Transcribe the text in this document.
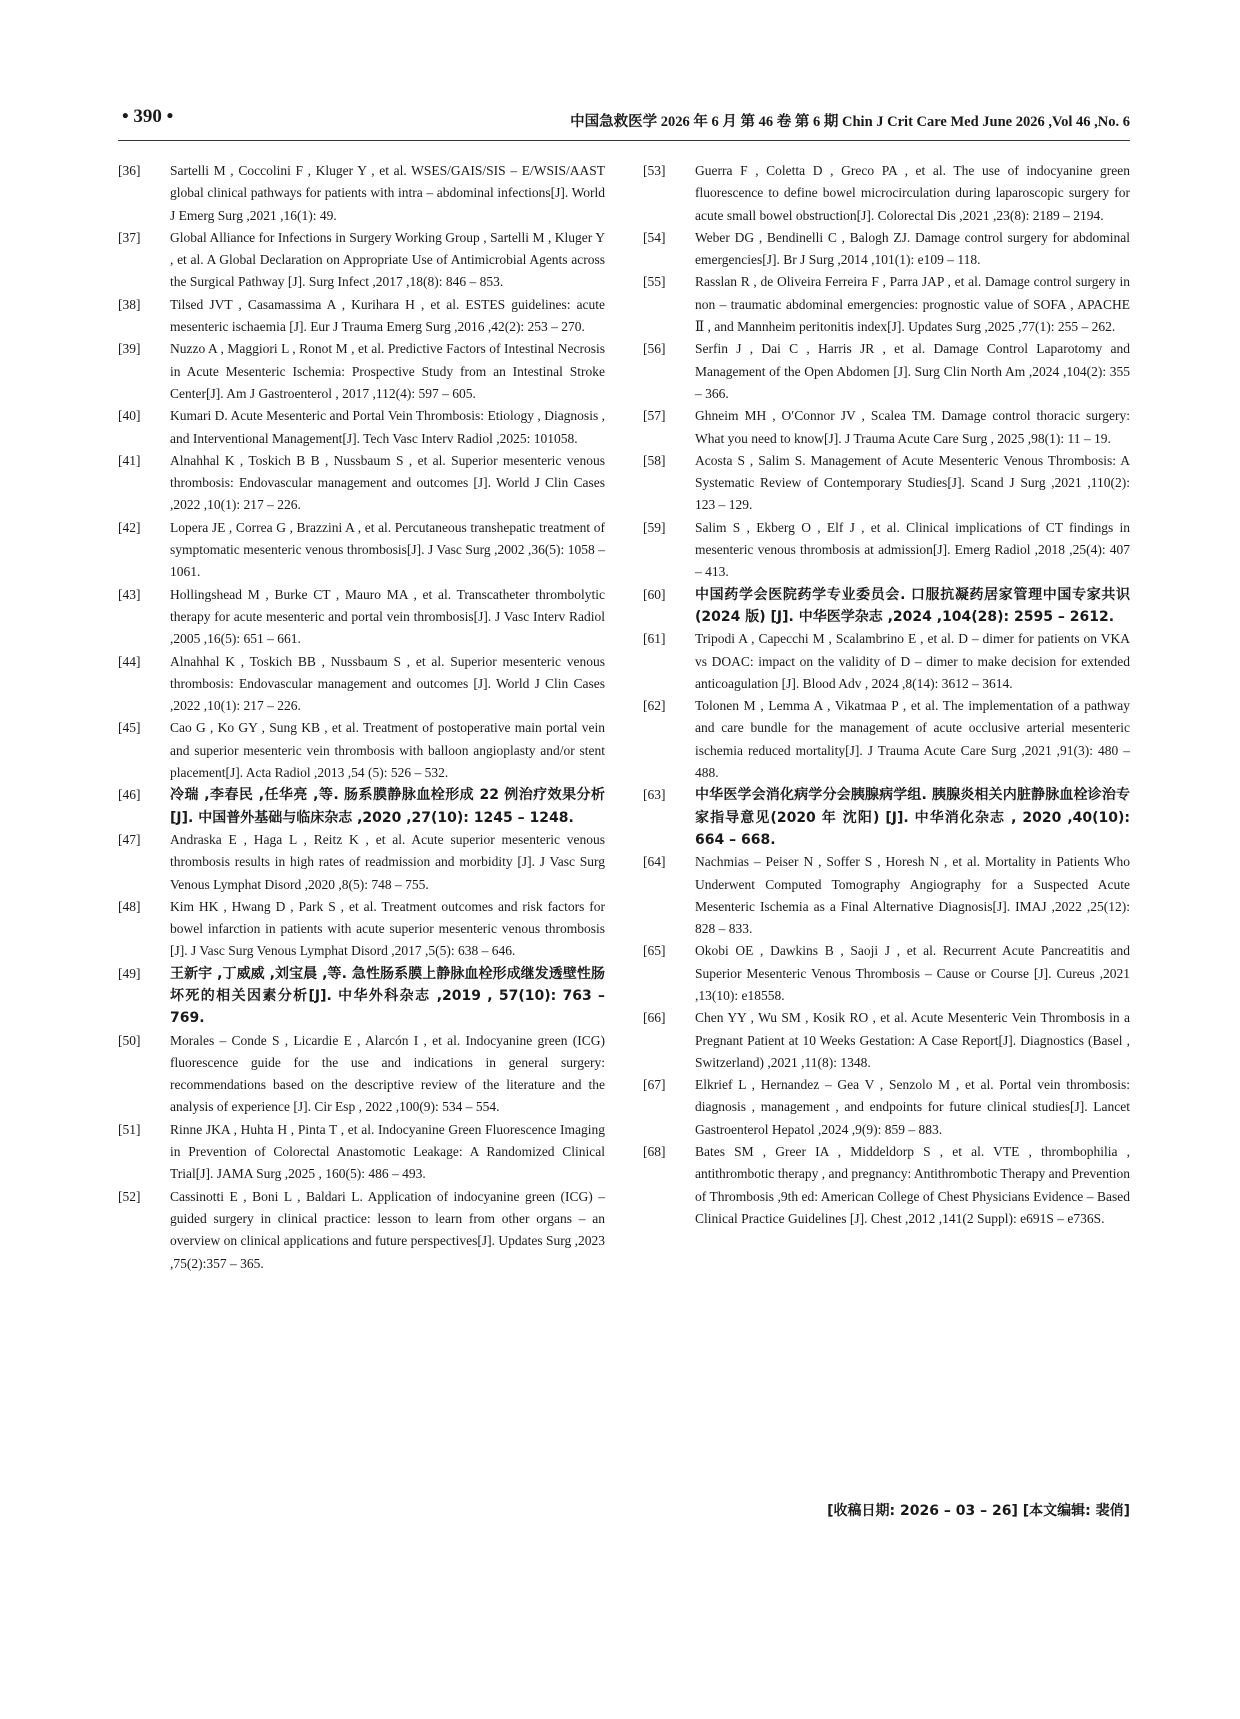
• 390 •	中国急救医学 2026 年 6 月 第 46 卷 第 6 期 Chin J Crit Care Med June 2026 ,Vol 46 ,No. 6
[36]	Sartelli M , Coccolini F , Kluger Y , et al. WSES/GAIS/SIS – E/WSIS/AAST global clinical pathways for patients with intra – abdominal infections[J]. World J Emerg Surg ,2021 ,16(1): 49.
[37]	Global Alliance for Infections in Surgery Working Group , Sartelli M , Kluger Y , et al. A Global Declaration on Appropriate Use of Antimicrobial Agents across the Surgical Pathway [J]. Surg Infect ,2017 ,18(8): 846 – 853.
[38]	Tilsed JVT , Casamassima A , Kurihara H , et al. ESTES guidelines: acute mesenteric ischaemia [J]. Eur J Trauma Emerg Surg ,2016 ,42(2): 253 – 270.
[39]	Nuzzo A , Maggiori L , Ronot M , et al. Predictive Factors of Intestinal Necrosis in Acute Mesenteric Ischemia: Prospective Study from an Intestinal Stroke Center[J]. Am J Gastroenterol , 2017 ,112(4): 597 – 605.
[40]	Kumari D. Acute Mesenteric and Portal Vein Thrombosis: Etiology , Diagnosis , and Interventional Management[J]. Tech Vasc Interv Radiol ,2025: 101058.
[41]	Alnahhal K , Toskich B B , Nussbaum S , et al. Superior mesenteric venous thrombosis: Endovascular management and outcomes [J]. World J Clin Cases ,2022 ,10(1): 217 – 226.
[42]	Lopera JE , Correa G , Brazzini A , et al. Percutaneous transhepatic treatment of symptomatic mesenteric venous thrombosis[J]. J Vasc Surg ,2002 ,36(5): 1058 – 1061.
[43]	Hollingshead M , Burke CT , Mauro MA , et al. Transcatheter thrombolytic therapy for acute mesenteric and portal vein thrombosis[J]. J Vasc Interv Radiol ,2005 ,16(5): 651 – 661.
[44]	Alnahhal K , Toskich BB , Nussbaum S , et al. Superior mesenteric venous thrombosis: Endovascular management and outcomes [J]. World J Clin Cases ,2022 ,10(1): 217 – 226.
[45]	Cao G , Ko GY , Sung KB , et al. Treatment of postoperative main portal vein and superior mesenteric vein thrombosis with balloon angioplasty and/or stent placement[J]. Acta Radiol ,2013 ,54 (5): 526 – 532.
[46]	冷瑞 ,李春民 ,任华亮 ,等. 肠系膜静脉血栓形成 22 例治疗效果分析[J]. 中国普外基础与临床杂志 ,2020 ,27(10): 1245 – 1248.
[47]	Andraska E , Haga L , Reitz K , et al. Acute superior mesenteric venous thrombosis results in high rates of readmission and morbidity [J]. J Vasc Surg Venous Lymphat Disord ,2020 ,8(5): 748 – 755.
[48]	Kim HK , Hwang D , Park S , et al. Treatment outcomes and risk factors for bowel infarction in patients with acute superior mesenteric venous thrombosis [J]. J Vasc Surg Venous Lymphat Disord ,2017 ,5(5): 638 – 646.
[49]	王新宇 ,丁威威 ,刘宝晨 ,等. 急性肠系膜上静脉血栓形成继发透壁性肠坏死的相关因素分析[J]. 中华外科杂志 ,2019 , 57(10): 763 – 769.
[50]	Morales – Conde S , Licardie E , Alarcón I , et al. Indocyanine green (ICG) fluorescence guide for the use and indications in general surgery: recommendations based on the descriptive review of the literature and the analysis of experience [J]. Cir Esp , 2022 ,100(9): 534 – 554.
[51]	Rinne JKA , Huhta H , Pinta T , et al. Indocyanine Green Fluorescence Imaging in Prevention of Colorectal Anastomotic Leakage: A Randomized Clinical Trial[J]. JAMA Surg ,2025 , 160(5): 486 – 493.
[52]	Cassinotti E , Boni L , Baldari L. Application of indocyanine green (ICG) – guided surgery in clinical practice: lesson to learn from other organs – an overview on clinical applications and future perspectives[J]. Updates Surg ,2023 ,75(2):357 – 365.
[53]	Guerra F , Coletta D , Greco PA , et al. The use of indocyanine green fluorescence to define bowel microcirculation during laparoscopic surgery for acute small bowel obstruction[J]. Colorectal Dis ,2021 ,23(8): 2189 – 2194.
[54]	Weber DG , Bendinelli C , Balogh ZJ. Damage control surgery for abdominal emergencies[J]. Br J Surg ,2014 ,101(1): e109 – 118.
[55]	Rasslan R , de Oliveira Ferreira F , Parra JAP , et al. Damage control surgery in non – traumatic abdominal emergencies: prognostic value of SOFA , APACHE Ⅱ , and Mannheim peritonitis index[J]. Updates Surg ,2025 ,77(1): 255 – 262.
[56]	Serfin J , Dai C , Harris JR , et al. Damage Control Laparotomy and Management of the Open Abdomen [J]. Surg Clin North Am ,2024 ,104(2): 355 – 366.
[57]	Ghneim MH , O′Connor JV , Scalea TM. Damage control thoracic surgery: What you need to know[J]. J Trauma Acute Care Surg , 2025 ,98(1): 11 – 19.
[58]	Acosta S , Salim S. Management of Acute Mesenteric Venous Thrombosis: A Systematic Review of Contemporary Studies[J]. Scand J Surg ,2021 ,110(2): 123 – 129.
[59]	Salim S , Ekberg O , Elf J , et al. Clinical implications of CT findings in mesenteric venous thrombosis at admission[J]. Emerg Radiol ,2018 ,25(4): 407 – 413.
[60]	中国药学会医院药学专业委员会. 口服抗凝药居家管理中国专家共识(2024 版) [J]. 中华医学杂志 ,2024 ,104(28): 2595 – 2612.
[61]	Tripodi A , Capecchi M , Scalambrino E , et al. D – dimer for patients on VKA vs DOAC: impact on the validity of D – dimer to make decision for extended anticoagulation [J]. Blood Adv , 2024 ,8(14): 3612 – 3614.
[62]	Tolonen M , Lemma A , Vikatmaa P , et al. The implementation of a pathway and care bundle for the management of acute occlusive arterial mesenteric ischemia reduced mortality[J]. J Trauma Acute Care Surg ,2021 ,91(3): 480 – 488.
[63]	中华医学会消化病学分会胰腺病学组. 胰腺炎相关内脏静脉血栓诊治专家指导意见(2020 年 沈阳) [J]. 中华消化杂志 , 2020 ,40(10): 664 – 668.
[64]	Nachmias – Peiser N , Soffer S , Horesh N , et al. Mortality in Patients Who Underwent Computed Tomography Angiography for a Suspected Acute Mesenteric Ischemia as a Final Alternative Diagnosis[J]. IMAJ ,2022 ,25(12): 828 – 833.
[65]	Okobi OE , Dawkins B , Saoji J , et al. Recurrent Acute Pancreatitis and Superior Mesenteric Venous Thrombosis – Cause or Course [J]. Cureus ,2021 ,13(10): e18558.
[66]	Chen YY , Wu SM , Kosik RO , et al. Acute Mesenteric Vein Thrombosis in a Pregnant Patient at 10 Weeks Gestation: A Case Report[J]. Diagnostics (Basel , Switzerland) ,2021 ,11(8): 1348.
[67]	Elkrief L , Hernandez – Gea V , Senzolo M , et al. Portal vein thrombosis: diagnosis , management , and endpoints for future clinical studies[J]. Lancet Gastroenterol Hepatol ,2024 ,9(9): 859 – 883.
[68]	Bates SM , Greer IA , Middeldorp S , et al. VTE , thrombophilia , antithrombotic therapy , and pregnancy: Antithrombotic Therapy and Prevention of Thrombosis ,9th ed: American College of Chest Physicians Evidence – Based Clinical Practice Guidelines [J]. Chest ,2012 ,141(2 Suppl): e691S – e736S.
[收稿日期: 2026 – 03 – 26] [本文编辑: 裴俏]
